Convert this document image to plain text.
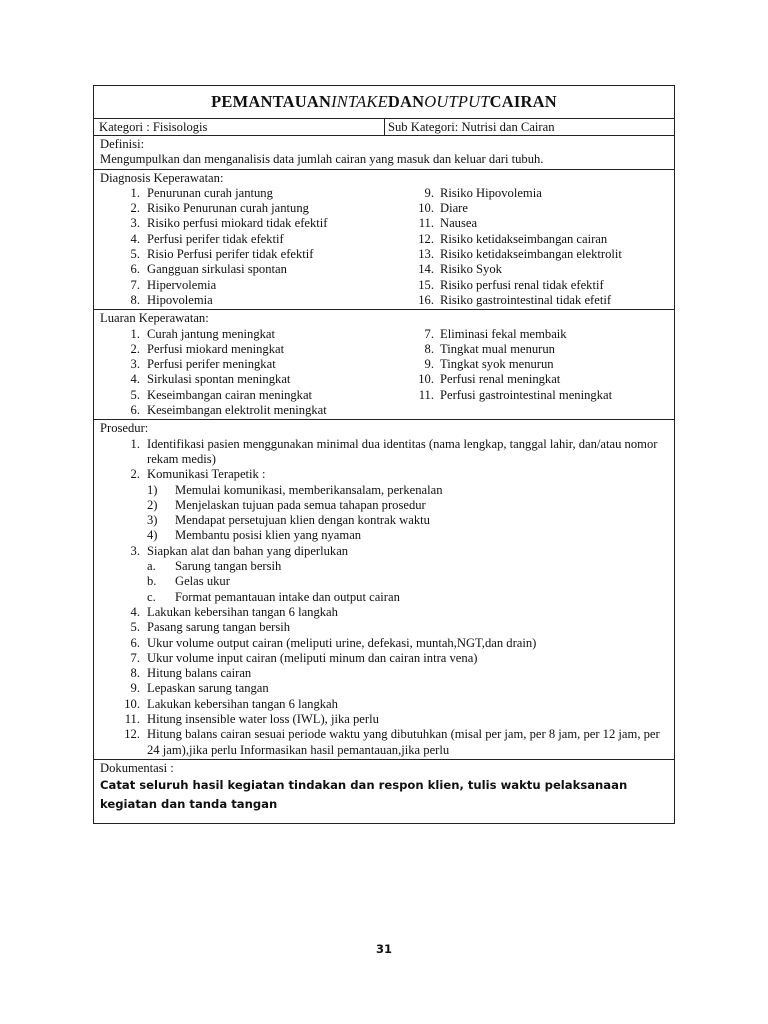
PEMANTAUAN INTAKE DAN OUTPUT CAIRAN
Kategori : Fisisologis	Sub Kategori: Nutrisi dan Cairan
Definisi:
Mengumpulkan dan menganalisis data jumlah cairan yang masuk dan keluar dari tubuh.
Diagnosis Keperawatan:
1. Penurunan curah jantung
2. Risiko Penurunan curah jantung
3. Risiko perfusi miokard tidak efektif
4. Perfusi perifer tidak efektif
5. Risio Perfusi perifer tidak efektif
6. Gangguan sirkulasi spontan
7. Hipervolemia
8. Hipovolemia
9. Risiko Hipovolemia
10. Diare
11. Nausea
12. Risiko ketidakseimbangan cairan
13. Risiko ketidakseimbangan elektrolit
14. Risiko Syok
15. Risiko perfusi renal tidak efektif
16. Risiko gastrointestinal tidak efetif
Luaran Keperawatan:
1. Curah jantung meningkat
2. Perfusi miokard meningkat
3. Perfusi perifer meningkat
4. Sirkulasi spontan meningkat
5. Keseimbangan cairan meningkat
6. Keseimbangan elektrolit meningkat
7. Eliminasi fekal membaik
8. Tingkat mual menurun
9. Tingkat syok menurun
10. Perfusi renal meningkat
11. Perfusi gastrointestinal meningkat
Prosedur:
1. Identifikasi pasien menggunakan minimal dua identitas (nama lengkap, tanggal lahir, dan/atau nomor rekam medis)
2. Komunikasi Terapetik :
1)	Memulai komunikasi, memberikansalam, perkenalan
2)	Menjelaskan tujuan pada semua tahapan prosedur
3)	Mendapat persetujuan klien dengan kontrak waktu
4)	Membantu posisi klien yang nyaman
3. Siapkan alat dan bahan yang diperlukan
a.	Sarung tangan bersih
b.	Gelas ukur
c.	Format pemantauan intake dan output cairan
4. Lakukan kebersihan tangan 6 langkah
5. Pasang sarung tangan bersih
6. Ukur volume output cairan (meliputi urine, defekasi, muntah,NGT,dan drain)
7. Ukur volume input cairan (meliputi minum dan cairan intra vena)
8. Hitung balans cairan
9. Lepaskan sarung tangan
10. Lakukan kebersihan tangan 6 langkah
11. Hitung insensible water loss (IWL), jika perlu
12. Hitung balans cairan sesuai periode waktu yang dibutuhkan (misal per jam, per 8 jam, per 12 jam, per 24 jam),jika perlu Informasikan hasil pemantauan,jika perlu
Dokumentasi :
Catat seluruh hasil kegiatan tindakan dan respon klien, tulis waktu pelaksanaan kegiatan dan tanda tangan
31
